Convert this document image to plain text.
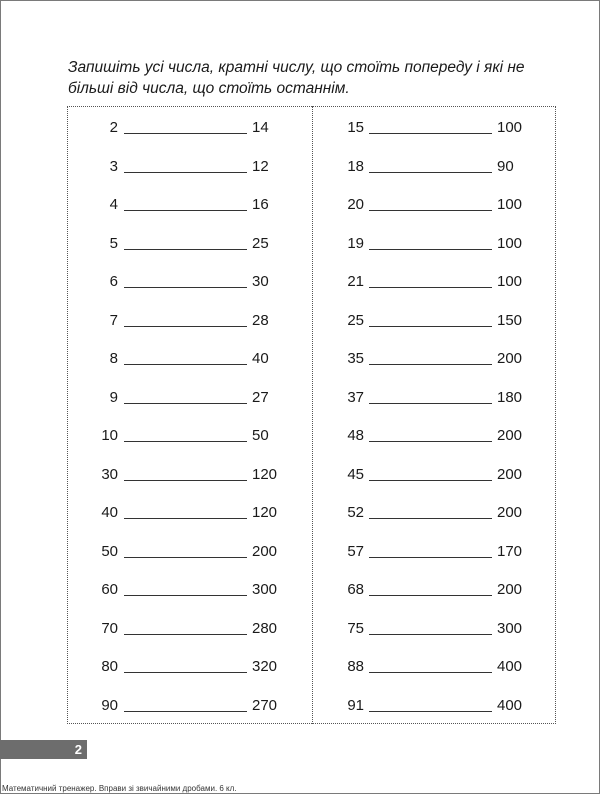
Запишіть усі числа, кратні числу, що стоїть попереду і які не більші від числа, що стоїть останнім.
2	14
3	12
4	16
5	25
6	30
7	28
8	40
9	27
10	50
30	120
40	120
50	200
60	300
70	280
80	320
90	270
15	100
18	90
20	100
19	100
21	100
25	150
35	200
37	180
48	200
45	200
52	200
57	170
68	200
75	300
88	400
91	400
2
Математичний тренажер. Вправи зі звичайними дробами. 6 кл.
